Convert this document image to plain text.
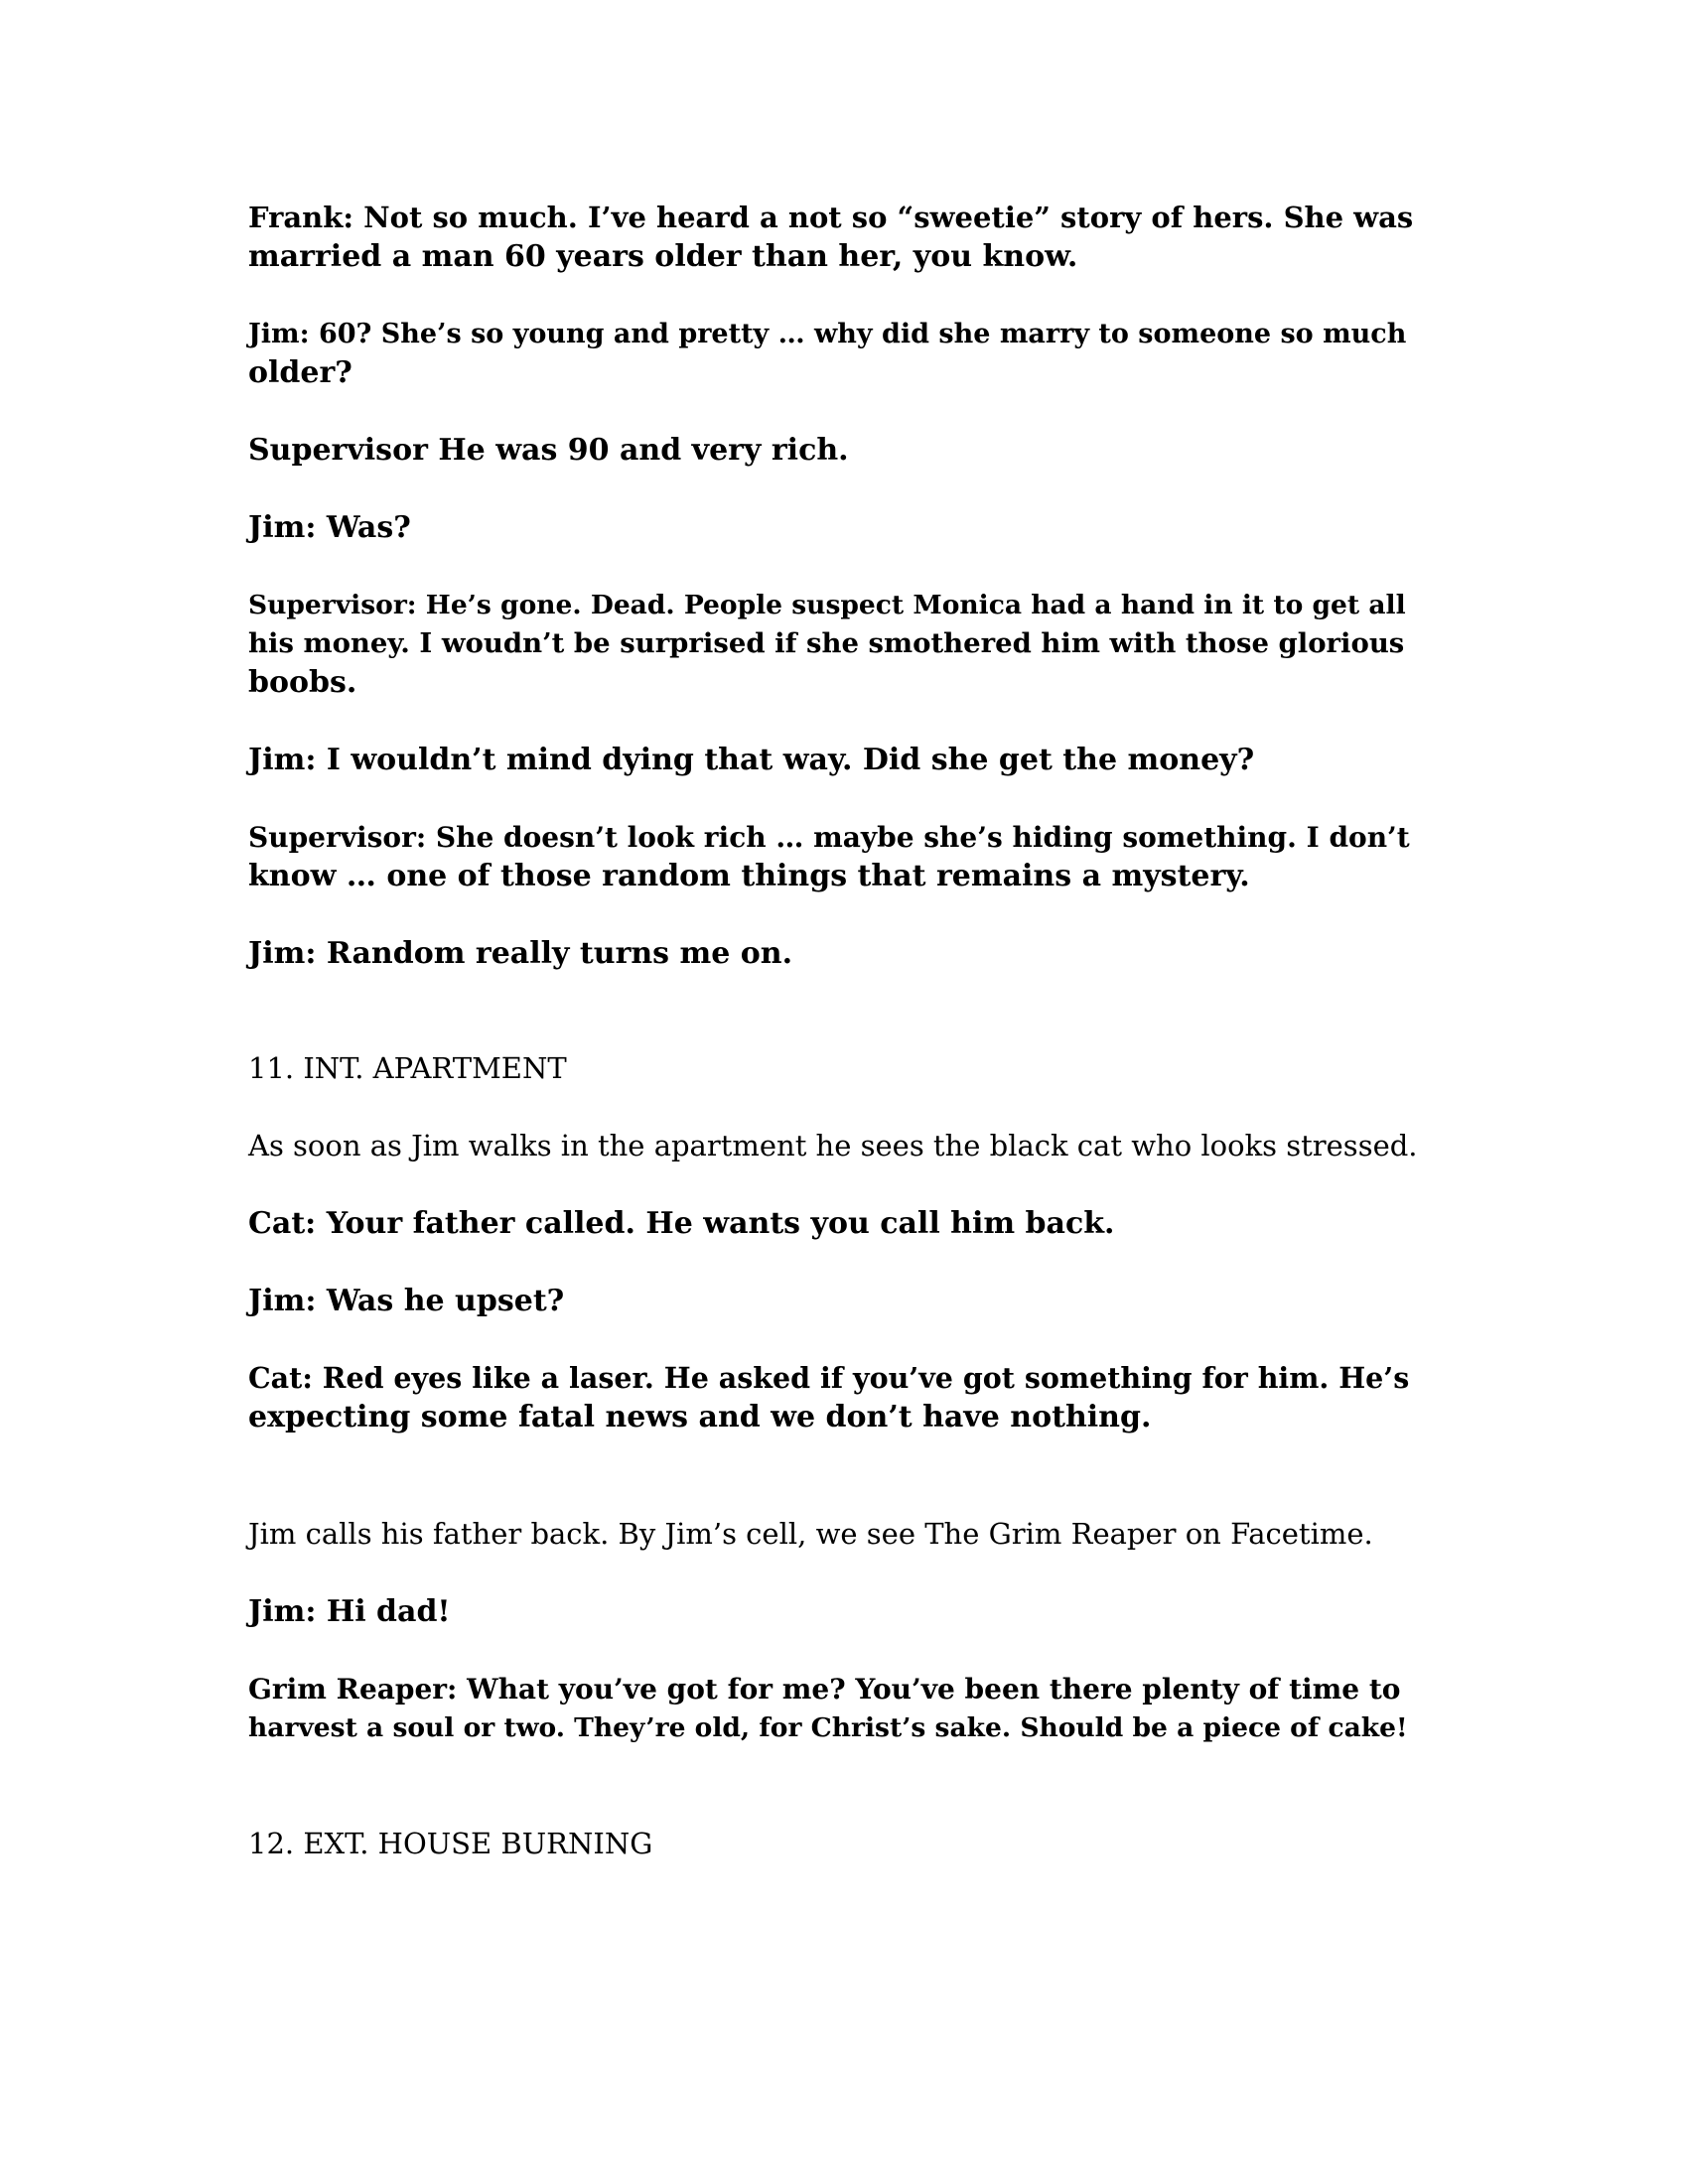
Frank: Not so much. I’ve heard a not so “sweetie” story of hers. She was

married a man 60 years older than her, you know.

Jim: 60? She’s so young and pretty … why did she marry to someone so much

older?

Supervisor He was 90 and very rich.

Jim: Was?

Supervisor: He’s gone. Dead. People suspect Monica had a hand in it to get all

his money. I woudn’t be surprised if she smothered him with those glorious

boobs.

Jim: I wouldn’t mind dying that way. Did she get the money?

Supervisor: She doesn’t look rich … maybe she’s hiding something. I don’t

know … one of those random things that remains a mystery.

Jim: Random really turns me on.

11. INT. APARTMENT

As soon as Jim walks in the apartment he sees the black cat who looks stressed.

Cat: Your father called. He wants you call him back.

Jim: Was he upset?

Cat: Red eyes like a laser. He asked if you’ve got something for him. He’s

expecting some fatal news and we don’t have nothing.

Jim calls his father back. By Jim’s cell, we see The Grim Reaper on Facetime.

Jim: Hi dad!

Grim Reaper: What you’ve got for me? You’ve been there plenty of time to

harvest a soul or two. They’re old, for Christ’s sake. Should be a piece of cake!

12. EXT. HOUSE BURNING
